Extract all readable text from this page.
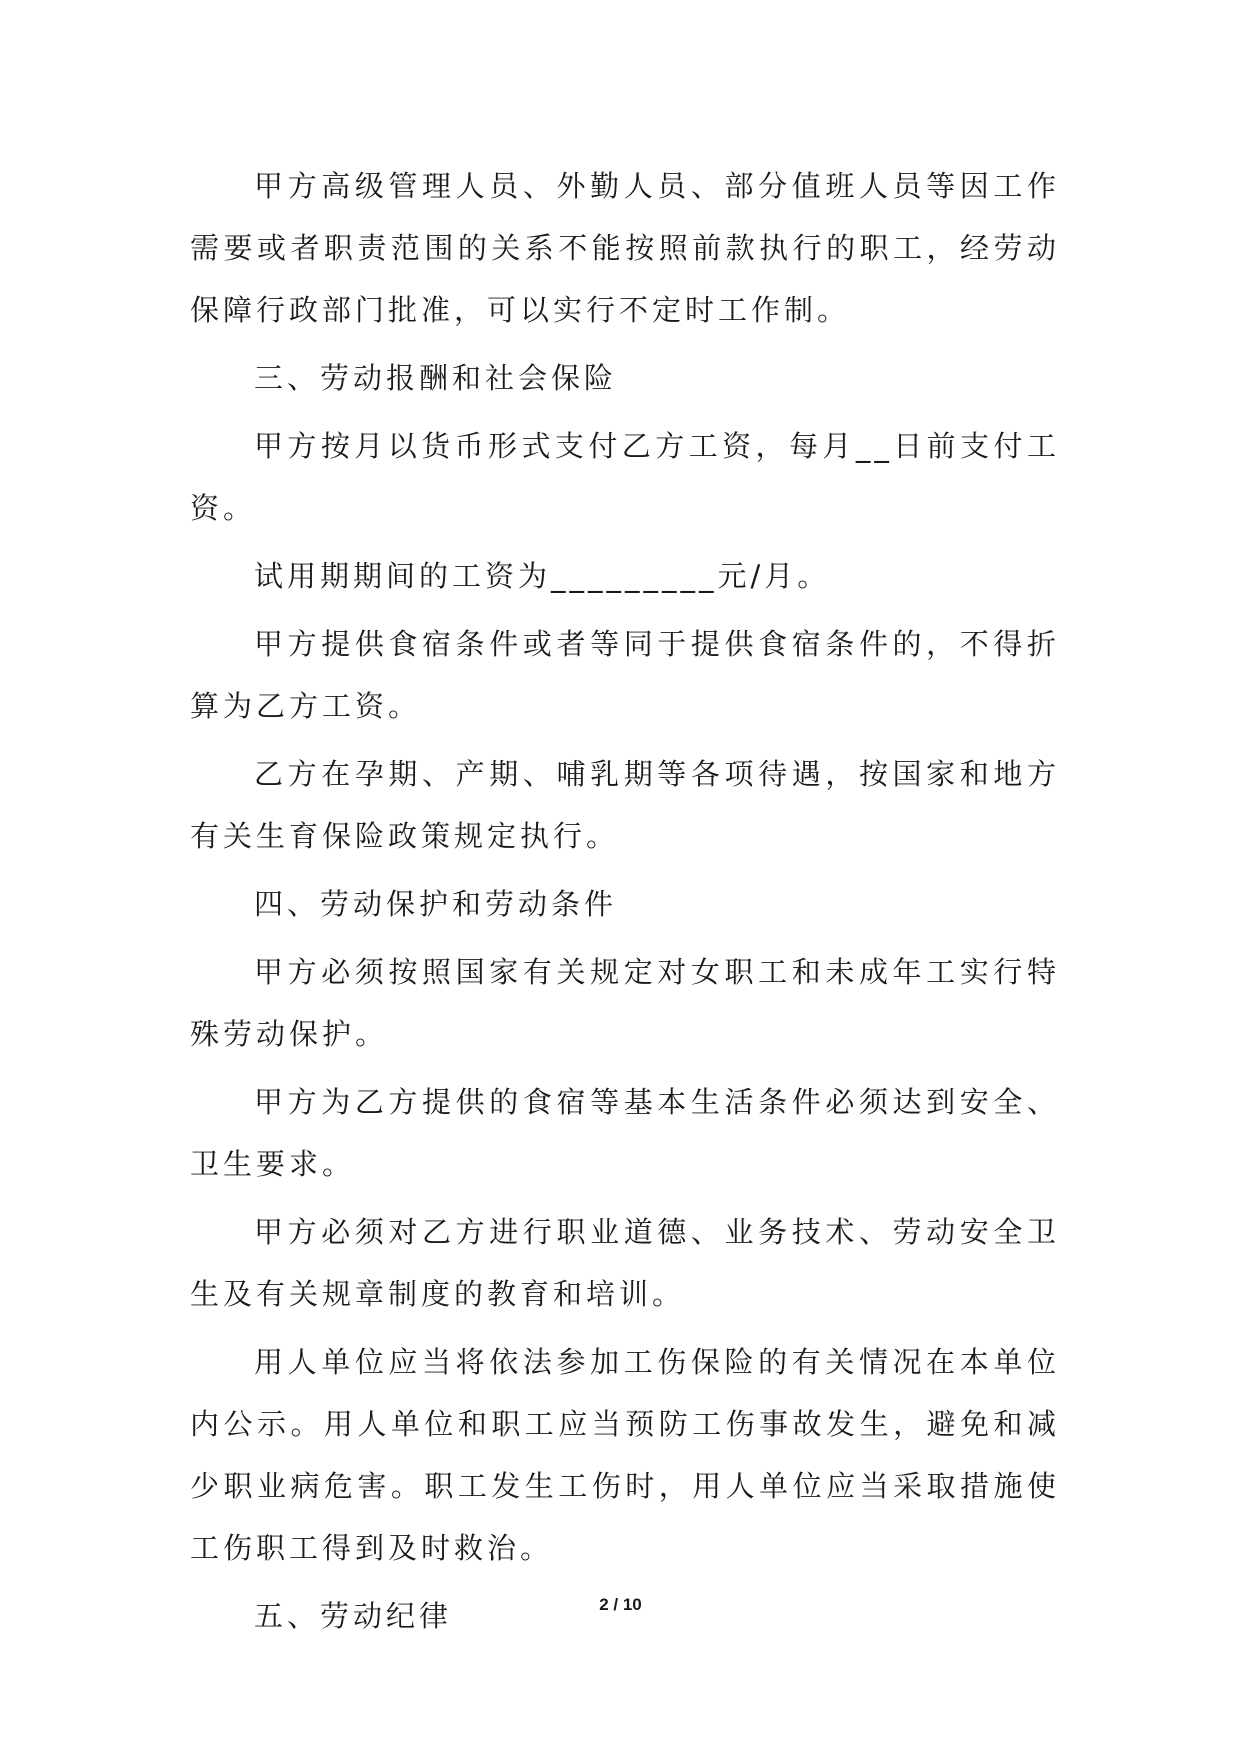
甲方高级管理人员、外勤人员、部分值班人员等因工作需要或者职责范围的关系不能按照前款执行的职工，经劳动保障行政部门批准，可以实行不定时工作制。

三、劳动报酬和社会保险

甲方按月以货币形式支付乙方工资，每月__日前支付工资。

试用期期间的工资为_________元/月。

甲方提供食宿条件或者等同于提供食宿条件的，不得折算为乙方工资。

乙方在孕期、产期、哺乳期等各项待遇，按国家和地方有关生育保险政策规定执行。

四、劳动保护和劳动条件

甲方必须按照国家有关规定对女职工和未成年工实行特殊劳动保护。

甲方为乙方提供的食宿等基本生活条件必须达到安全、卫生要求。

甲方必须对乙方进行职业道德、业务技术、劳动安全卫生及有关规章制度的教育和培训。

用人单位应当将依法参加工伤保险的有关情况在本单位内公示。用人单位和职工应当预防工伤事故发生，避免和减少职业病危害。职工发生工伤时，用人单位应当采取措施使工伤职工得到及时救治。

五、劳动纪律	2 / 10
